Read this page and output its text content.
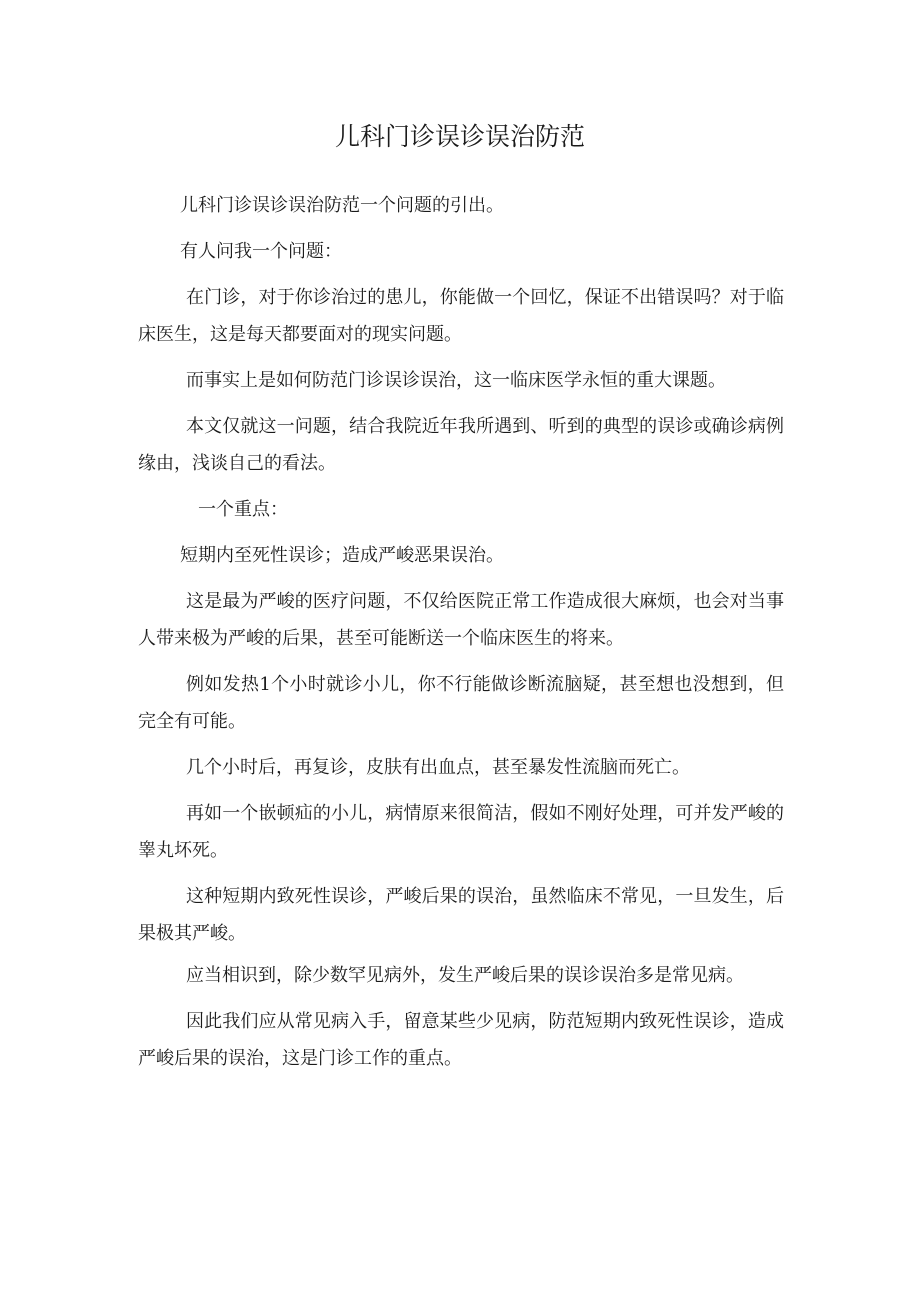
儿科门诊误诊误治防范

儿科门诊误诊误治防范一个问题的引出。

有人问我一个问题：

在门诊，对于你诊治过的患儿，你能做一个回忆，保证不出错误吗？对于临床医生，这是每天都要面对的现实问题。

而事实上是如何防范门诊误诊误治，这一临床医学永恒的重大课题。

本文仅就这一问题，结合我院近年我所遇到、听到的典型的误诊或确诊病例缘由，浅谈自己的看法。

一个重点：

短期内至死性误诊；造成严峻恶果误治。

这是最为严峻的医疗问题，不仅给医院正常工作造成很大麻烦，也会对当事人带来极为严峻的后果，甚至可能断送一个临床医生的将来。

例如发热1个小时就诊小儿，你不行能做诊断流脑疑，甚至想也没想到，但完全有可能。

几个小时后，再复诊，皮肤有出血点，甚至暴发性流脑而死亡。

再如一个嵌顿疝的小儿，病情原来很简洁，假如不刚好处理，可并发严峻的睾丸坏死。

这种短期内致死性误诊，严峻后果的误治，虽然临床不常见，一旦发生，后果极其严峻。

应当相识到，除少数罕见病外，发生严峻后果的误诊误治多是常见病。

因此我们应从常见病入手，留意某些少见病，防范短期内致死性误诊，造成严峻后果的误治，这是门诊工作的重点。
